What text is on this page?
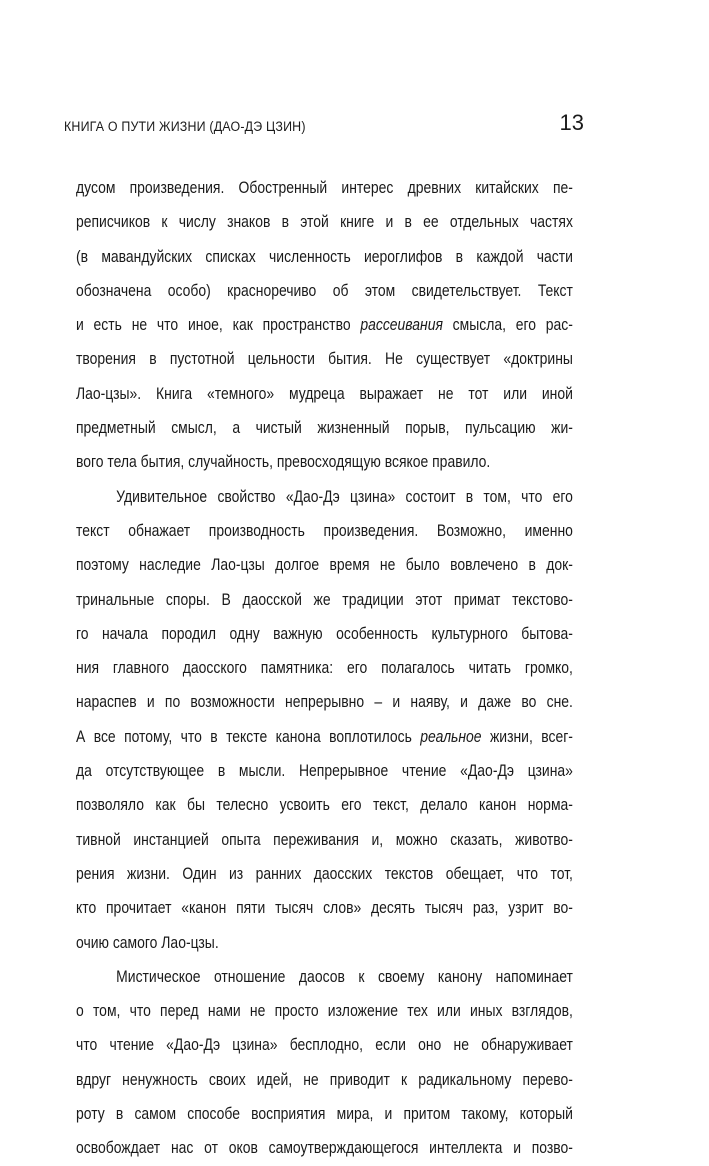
КНИГА О ПУТИ ЖИЗНИ (ДАО-ДЭ ЦЗИН)	13
дусом произведения. Обостренный интерес древних китайских пе-
реписчиков к числу знаков в этой книге и в ее отдельных частях
(в мавандуйских списках численность иероглифов в каждой части
обозначена особо) красноречиво об этом свидетельствует. Текст
и есть не что иное, как пространство рассеивания смысла, его рас-
творения в пустотной цельности бытия. Не существует «доктрины
Лао-цзы». Книга «темного» мудреца выражает не тот или иной
предметный смысл, а чистый жизненный порыв, пульсацию жи-
вого тела бытия, случайность, превосходящую всякое правило.
Удивительное свойство «Дао-Дэ цзина» состоит в том, что его
текст обнажает производность произведения. Возможно, именно
поэтому наследие Лао-цзы долгое время не было вовлечено в док-
тринальные споры. В даосской же традиции этот примат текстово-
го начала породил одну важную особенность культурного бытова-
ния главного даосского памятника: его полагалось читать громко,
нараспев и по возможности непрерывно – и наяву, и даже во сне.
А все потому, что в тексте канона воплотилось реальное жизни, всег-
да отсутствующее в мысли. Непрерывное чтение «Дао-Дэ цзина»
позволяло как бы телесно усвоить его текст, делало канон норма-
тивной инстанцией опыта переживания и, можно сказать, животво-
рения жизни. Один из ранних даосских текстов обещает, что тот,
кто прочитает «канон пяти тысяч слов» десять тысяч раз, узрит во-
очию самого Лао-цзы.
Мистическое отношение даосов к своему канону напоминает
о том, что перед нами не просто изложение тех или иных взглядов,
что чтение «Дао-Дэ цзина» бесплодно, если оно не обнаруживает
вдруг ненужность своих идей, не приводит к радикальному перево-
роту в самом способе восприятия мира, и притом такому, который
освобождает нас от оков самоутверждающегося интеллекта и позво-
